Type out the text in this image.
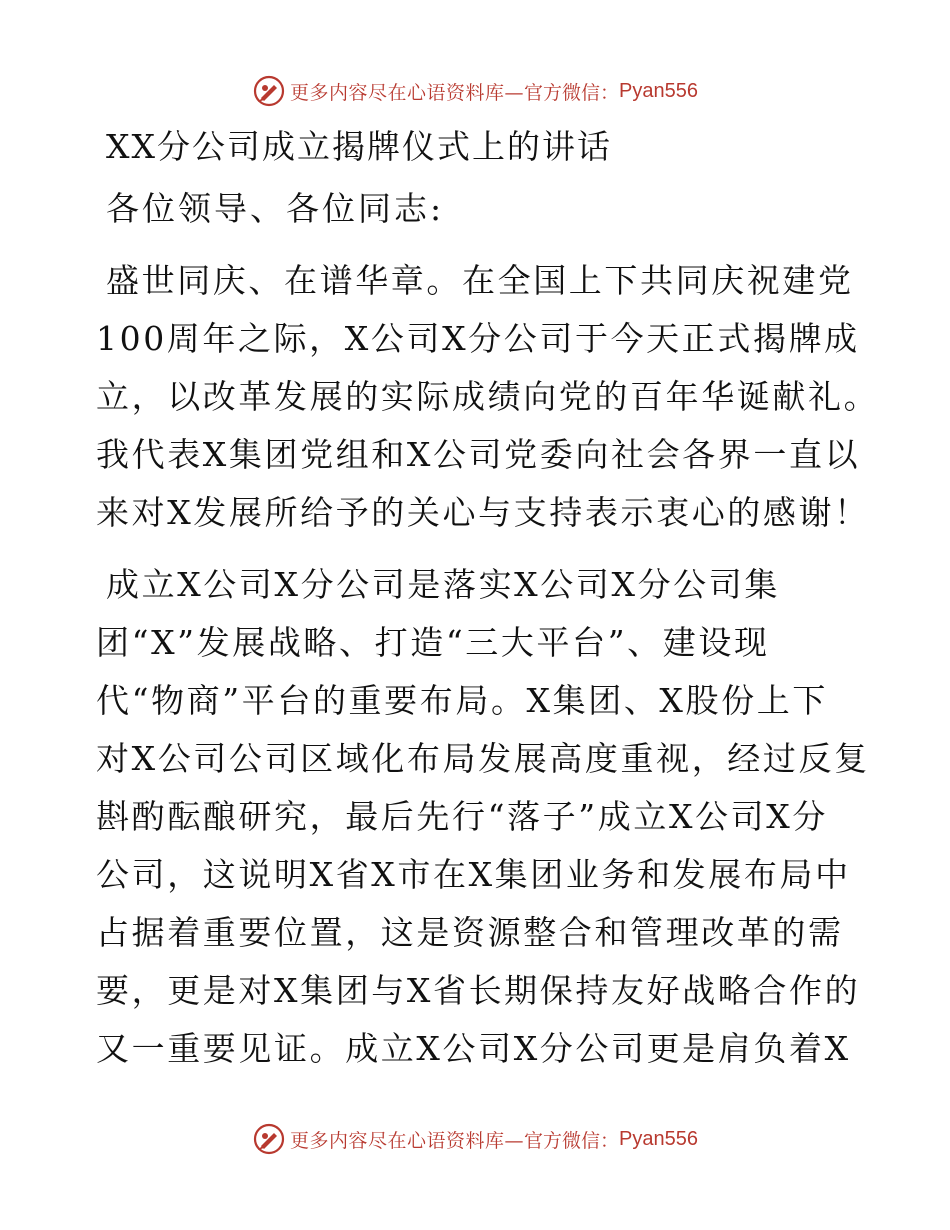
更多内容尽在心语资料库— 官方微信： Pyan556
XX分公司成立揭牌仪式上的讲话
各位领导、各位同志:
盛世同庆、在谱华章。在全国上下共同庆祝建党
100周年之际，X公司X分公司于今天正式揭牌成
立，以改革发展的实际成绩向党的百年华诞献礼。
我代表X集团党组和X公司党委向社会各界一直以
来对X发展所给予的关心与支持表示衷心的感谢！
成立X公司X分公司是落实X公司X分公司集
团“X”发展战略、打造“三大平台”、建设现
代“物商”平台的重要布局。X集团、X股份上下
对X公司公司区域化布局发展高度重视，经过反复
斟酌酝酿研究，最后先行“落子”成立X公司X分
公司，这说明X省X市在X集团业务和发展布局中
占据着重要位置，这是资源整合和管理改革的需
要，更是对X集团与X省长期保持友好战略合作的
又一重要见证。成立X公司X分公司更是肩负着X
更多内容尽在心语资料库— 官方微信： Pyan556
